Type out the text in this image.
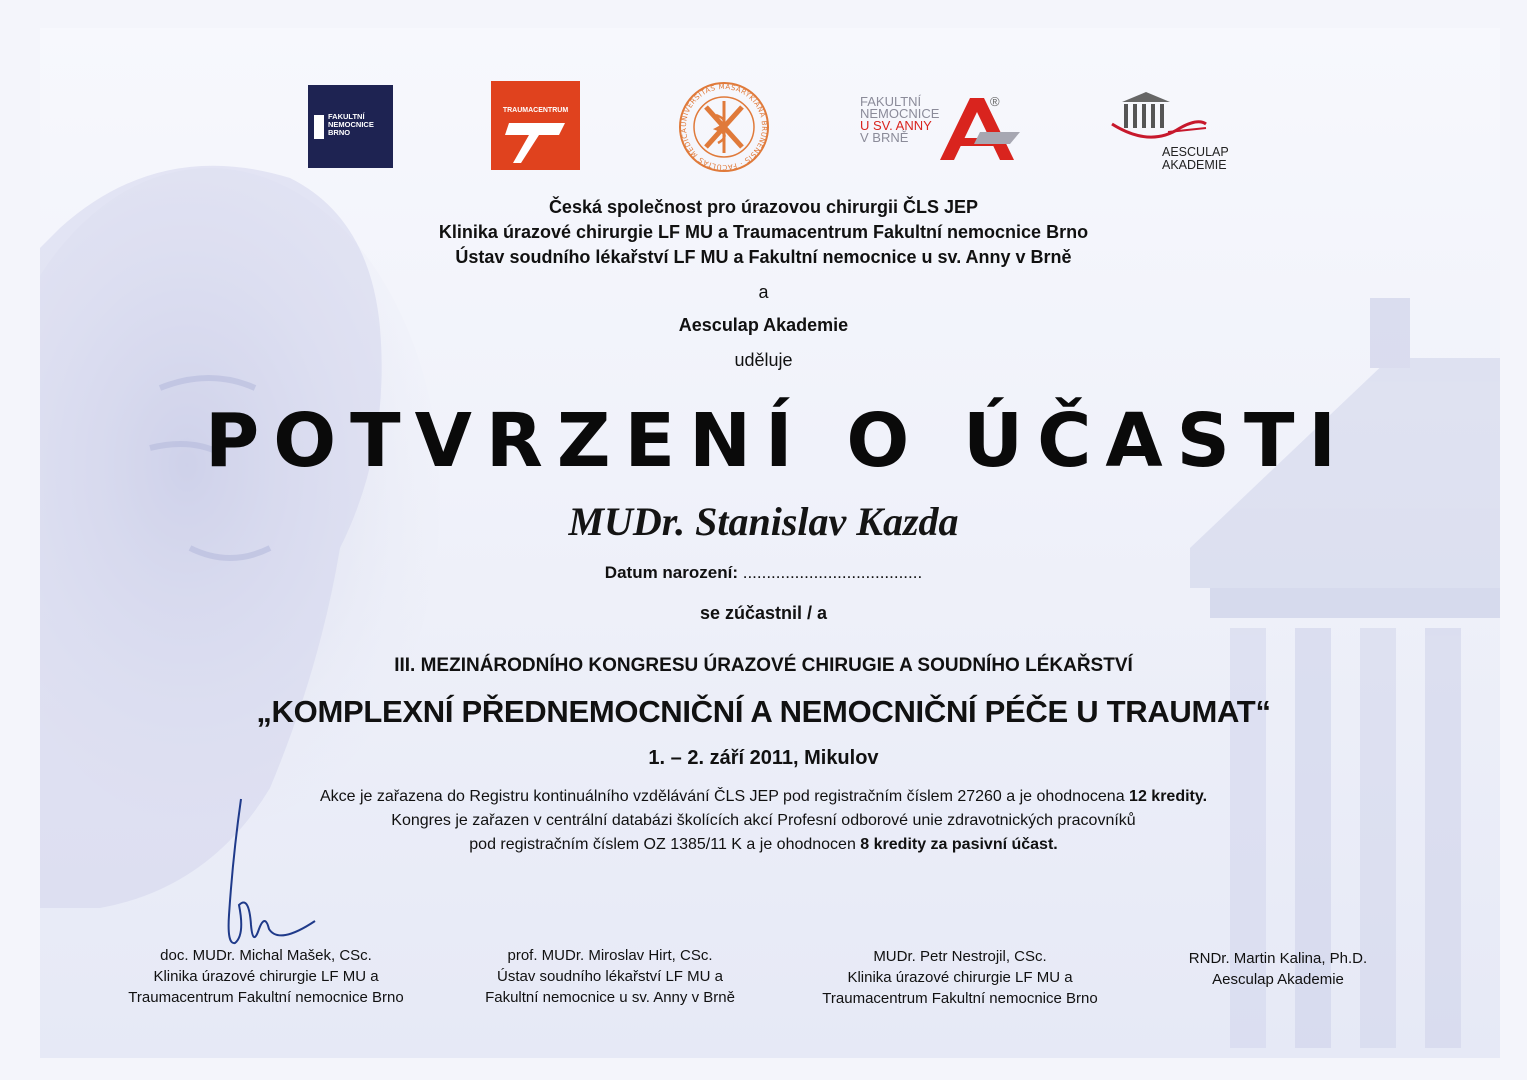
FAKULTNÍ
NEMOCNICE
BRNO
TRAUMACENTRUM
UNIVERSITAS MASARYKIANA BRUNENSIS · FACULTAS MEDICA
FAKULTNÍ
NEMOCNICE
U SV. ANNY
V BRNĚ
®
AESCULAP
AKADEMIE
Česká společnost pro úrazovou chirurgii ČLS JEP
Klinika úrazové chirurgie LF MU a Traumacentrum Fakultní nemocnice Brno
Ústav soudního lékařství LF MU a Fakultní nemocnice u sv. Anny v Brně
a
Aesculap Akademie
uděluje
POTVRZENÍ O ÚČASTI
MUDr. Stanislav Kazda
Datum narození: ......................................
se zúčastnil / a
III. MEZINÁRODNÍHO KONGRESU ÚRAZOVÉ CHIRUGIE A SOUDNÍHO LÉKAŘSTVÍ
„KOMPLEXNÍ PŘEDNEMOCNIČNÍ A NEMOCNIČNÍ PÉČE U TRAUMAT“
1. – 2. září 2011, Mikulov
Akce je zařazena do Registru kontinuálního vzdělávání ČLS JEP pod registračním číslem 27260 a je ohodnocena 12 kredity.
Kongres je zařazen v centrální databázi školících akcí Profesní odborové unie zdravotnických pracovníků
pod registračním číslem OZ 1385/11 K a je ohodnocen 8 kredity za pasivní účast.
doc. MUDr. Michal Mašek, CSc.
Klinika úrazové chirurgie LF MU a
Traumacentrum Fakultní nemocnice Brno
prof. MUDr. Miroslav Hirt, CSc.
Ústav soudního lékařství LF MU a
Fakultní nemocnice u sv. Anny v Brně
MUDr. Petr Nestrojil, CSc.
Klinika úrazové chirurgie LF MU a
Traumacentrum Fakultní nemocnice Brno
RNDr. Martin Kalina, Ph.D.
Aesculap Akademie
